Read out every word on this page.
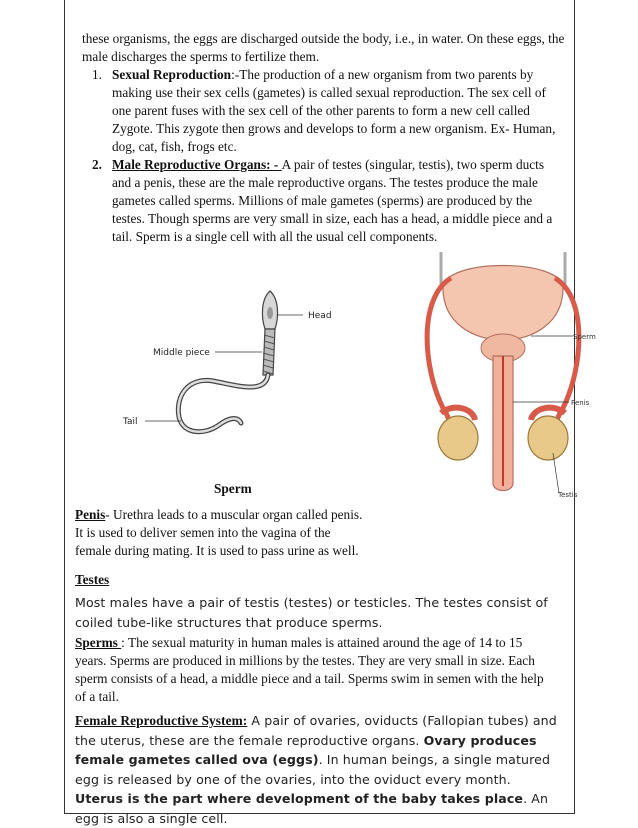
these organisms, the eggs are discharged outside the body, i.e., in water. On these eggs, the male discharges the sperms to fertilize them.
1. Sexual Reproduction:-The production of a new organism from two parents by making use their sex cells (gametes) is called sexual reproduction. The sex cell of one parent fuses with the sex cell of the other parents to form a new cell called Zygote. This zygote then grows and develops to form a new organism. Ex- Human, dog, cat, fish, frogs etc.
2. Male Reproductive Organs: - A pair of testes (singular, testis), two sperm ducts and a penis, these are the male reproductive organs. The testes produce the male gametes called sperms. Millions of male gametes (sperms) are produced by the testes. Though sperms are very small in size, each has a head, a middle piece and a tail. Sperm is a single cell with all the usual cell components.
Head
Middle piece
Tail
Sperm
Sperm
Penis
Testis
Penis- Urethra leads to a muscular organ called penis. It is used to deliver semen into the vagina of the female during mating. It is used to pass urine as well.
Testes
Most males have a pair of testis (testes) or testicles. The testes consist of coiled tube-like structures that produce sperms.
Sperms : The sexual maturity in human males is attained around the age of 14 to 15 years. Sperms are produced in millions by the testes. They are very small in size. Each sperm consists of a head, a middle piece and a tail. Sperms swim in semen with the help of a tail.
Female Reproductive System: A pair of ovaries, oviducts (Fallopian tubes) and the uterus, these are the female reproductive organs. Ovary produces female gametes called ova (eggs). In human beings, a single matured egg is released by one of the ovaries, into the oviduct every month. Uterus is the part where development of the baby takes place. An egg is also a single cell.
